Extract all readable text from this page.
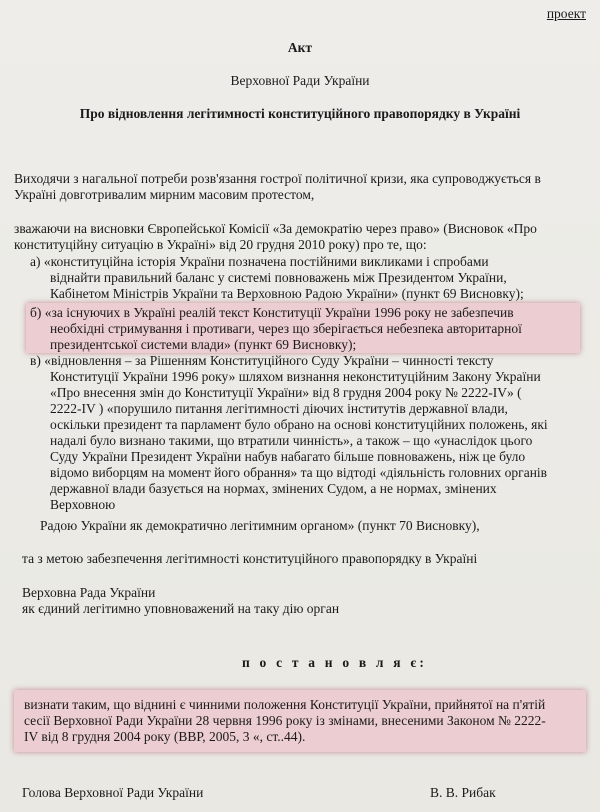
проект
Акт
Верховної Ради України
Про відновлення легітимності конституційного правопорядку в Україні
Виходячи з нагальної потреби розв'язання гострої політичної кризи, яка супроводжується в
Україні довготривалим мирним масовим протестом,
зважаючи на висновки Європейської Комісії «За демократію через право» (Висновок «Про
конституційну ситуацію в Україні» від 20 грудня 2010 року) про те, що:
а) «конституційна історія України позначена постійними викликами і спробами
віднайти правильний баланс у системі повноважень між Президентом України,
Кабінетом Міністрів України та Верховною Радою України» (пункт 69 Висновку);
б) «за існуючих в Україні реалій текст Конституції України 1996 року не забезпечив
необхідні стримування і противаги, через що зберігається небезпека авторитарної
президентської системи влади» (пункт 69 Висновку);
в) «відновлення – за Рішенням Конституційного Суду України – чинності тексту
Конституції України 1996 року» шляхом визнання неконституційним Закону України
«Про внесення змін до Конституції України» від 8 грудня 2004 року № 2222-IV» (
2222-IV ) «порушило питання легітимності діючих інститутів державної влади,
оскільки президент та парламент було обрано на основі конституційних положень, які
надалі було визнано такими, що втратили чинність», а також – що «унаслідок цього
Суду України Президент України набув набагато більше повноважень, ніж це було
відомо виборцям на момент його обрання» та що відтоді «діяльність головних органів
державної влади базується на нормах, змінених Судом, а не нормах, змінених
Верховною
Радою України як демократично легітимним органом» (пункт 70 Висновку),
та з метою забезпечення легітимності конституційного правопорядку в Україні
Верховна Рада України
як єдиний легітимно уповноважений на таку дію орган
п о с т а н о в л я є:
визнати таким, що віднині є чинними положення Конституції України, прийнятої на п'ятій
сесії Верховної Ради України 28 червня 1996 року із змінами, внесеними Законом № 2222-
IV від 8 грудня 2004 року (ВВР, 2005, 3 «, ст..44).
Голова Верховної Ради України	В. В. Рибак
